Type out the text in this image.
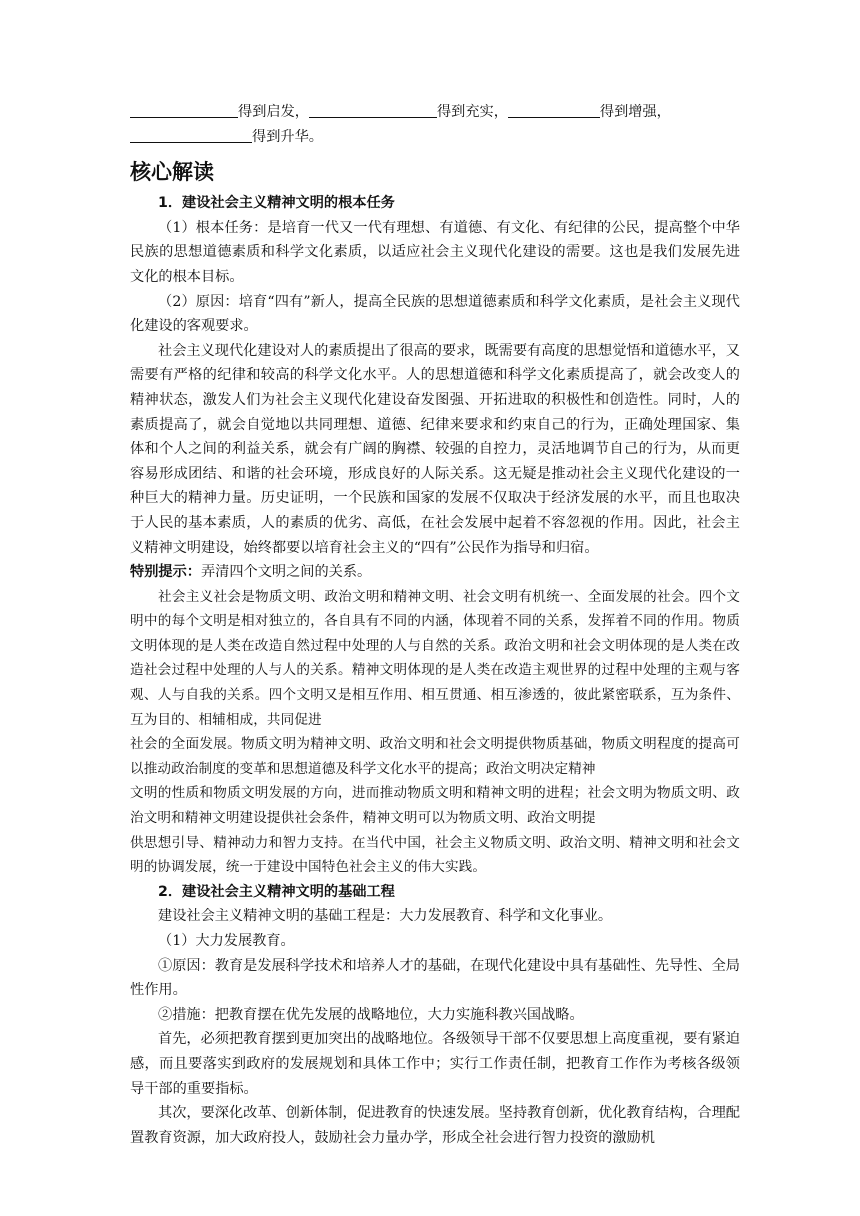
得到启发，	得到充实，	得到增强，

得到升华。

核心解读

1．建设社会主义精神文明的根本任务

（1）根本任务：是培育一代又一代有理想、有道德、有文化、有纪律的公民，提高整个中华民族的思想道德素质和科学文化素质，以适应社会主义现代化建设的需要。这也是我们发展先进文化的根本目标。

（2）原因：培育“四有”新人，提高全民族的思想道德素质和科学文化素质，是社会主义现代化建设的客观要求。

社会主义现代化建设对人的素质提出了很高的要求，既需要有高度的思想觉悟和道德水平，又需要有严格的纪律和较高的科学文化水平。人的思想道德和科学文化素质提高了，就会改变人的精神状态，激发人们为社会主义现代化建设奋发图强、开拓进取的积极性和创造性。同时，人的素质提高了，就会自觉地以共同理想、道德、纪律来要求和约束自己的行为，正确处理国家、集体和个人之间的利益关系，就会有广阔的胸襟、较强的自控力，灵活地调节自己的行为，从而更容易形成团结、和谐的社会环境，形成良好的人际关系。这无疑是推动社会主义现代化建设的一种巨大的精神力量。历史证明，一个民族和国家的发展不仅取决于经济发展的水平，而且也取决于人民的基本素质，人的素质的优劣、高低，在社会发展中起着不容忽视的作用。因此，社会主义精神文明建设，始终都要以培育社会主义的“四有”公民作为指导和归宿。

特别提示：弄清四个文明之间的关系。

社会主义社会是物质文明、政治文明和精神文明、社会文明有机统一、全面发展的社会。四个文明中的每个文明是相对独立的，各自具有不同的内涵，体现着不同的关系，发挥着不同的作用。物质文明体现的是人类在改造自然过程中处理的人与自然的关系。政治文明和社会文明体现的是人类在改造社会过程中处理的人与人的关系。精神文明体现的是人类在改造主观世界的过程中处理的主观与客观、人与自我的关系。四个文明又是相互作用、相互贯通、相互渗透的，彼此紧密联系，互为条件、互为目的、相辅相成，共同促进

社会的全面发展。物质文明为精神文明、政治文明和社会文明提供物质基础，物质文明程度的提高可以推动政治制度的变革和思想道德及科学文化水平的提高；政治文明决定精神

文明的性质和物质文明发展的方向，进而推动物质文明和精神文明的进程；社会文明为物质文明、政治文明和精神文明建设提供社会条件，精神文明可以为物质文明、政治文明提

供思想引导、精神动力和智力支持。在当代中国，社会主义物质文明、政治文明、精神文明和社会文明的协调发展，统一于建设中国特色社会主义的伟大实践。

2．建设社会主义精神文明的基础工程

建设社会主义精神文明的基础工程是：大力发展教育、科学和文化事业。

（1）大力发展教育。

①原因：教育是发展科学技术和培养人才的基础，在现代化建设中具有基础性、先导性、全局性作用。

②措施：把教育摆在优先发展的战略地位，大力实施科教兴国战略。

首先，必须把教育摆到更加突出的战略地位。各级领导干部不仅要思想上高度重视，要有紧迫感，而且要落实到政府的发展规划和具体工作中；实行工作责任制，把教育工作作为考核各级领导干部的重要指标。

其次，要深化改革、创新体制，促进教育的快速发展。坚持教育创新，优化教育结构，合理配置教育资源，加大政府投人，鼓励社会力量办学，形成全社会进行智力投资的激励机
